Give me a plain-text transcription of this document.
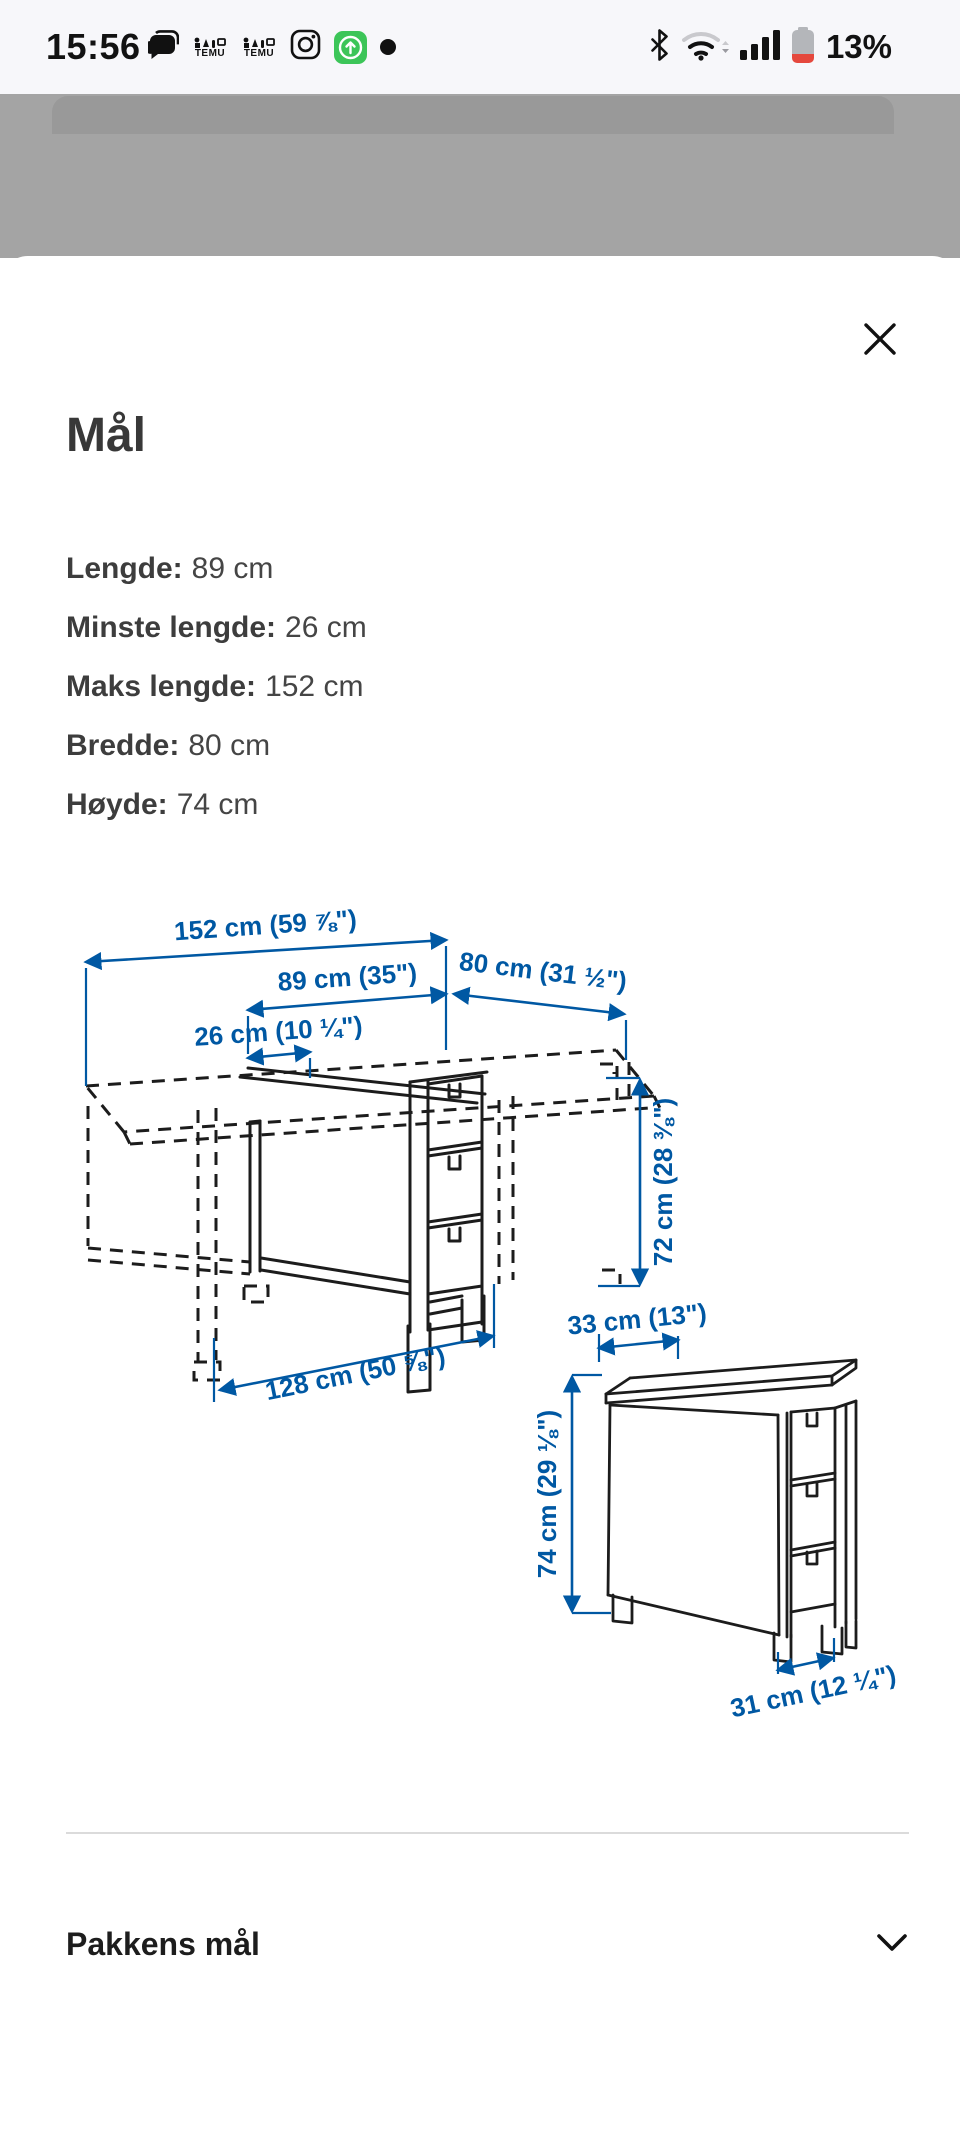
15:56	TEMU TEMU	13%
Mål
Lengde: 89 cm
Minste lengde: 26 cm
Maks lengde: 152 cm
Bredde: 80 cm
Høyde: 74 cm
152 cm (59 ⅞")
89 cm (35") 80 cm (31 ½")
26 cm (10 ¼")
72 cm (28 ⅜")
128 cm (50 ⅝")
33 cm (13")
74 cm (29 ⅛")
31 cm (12 ¼")
Pakkens mål
